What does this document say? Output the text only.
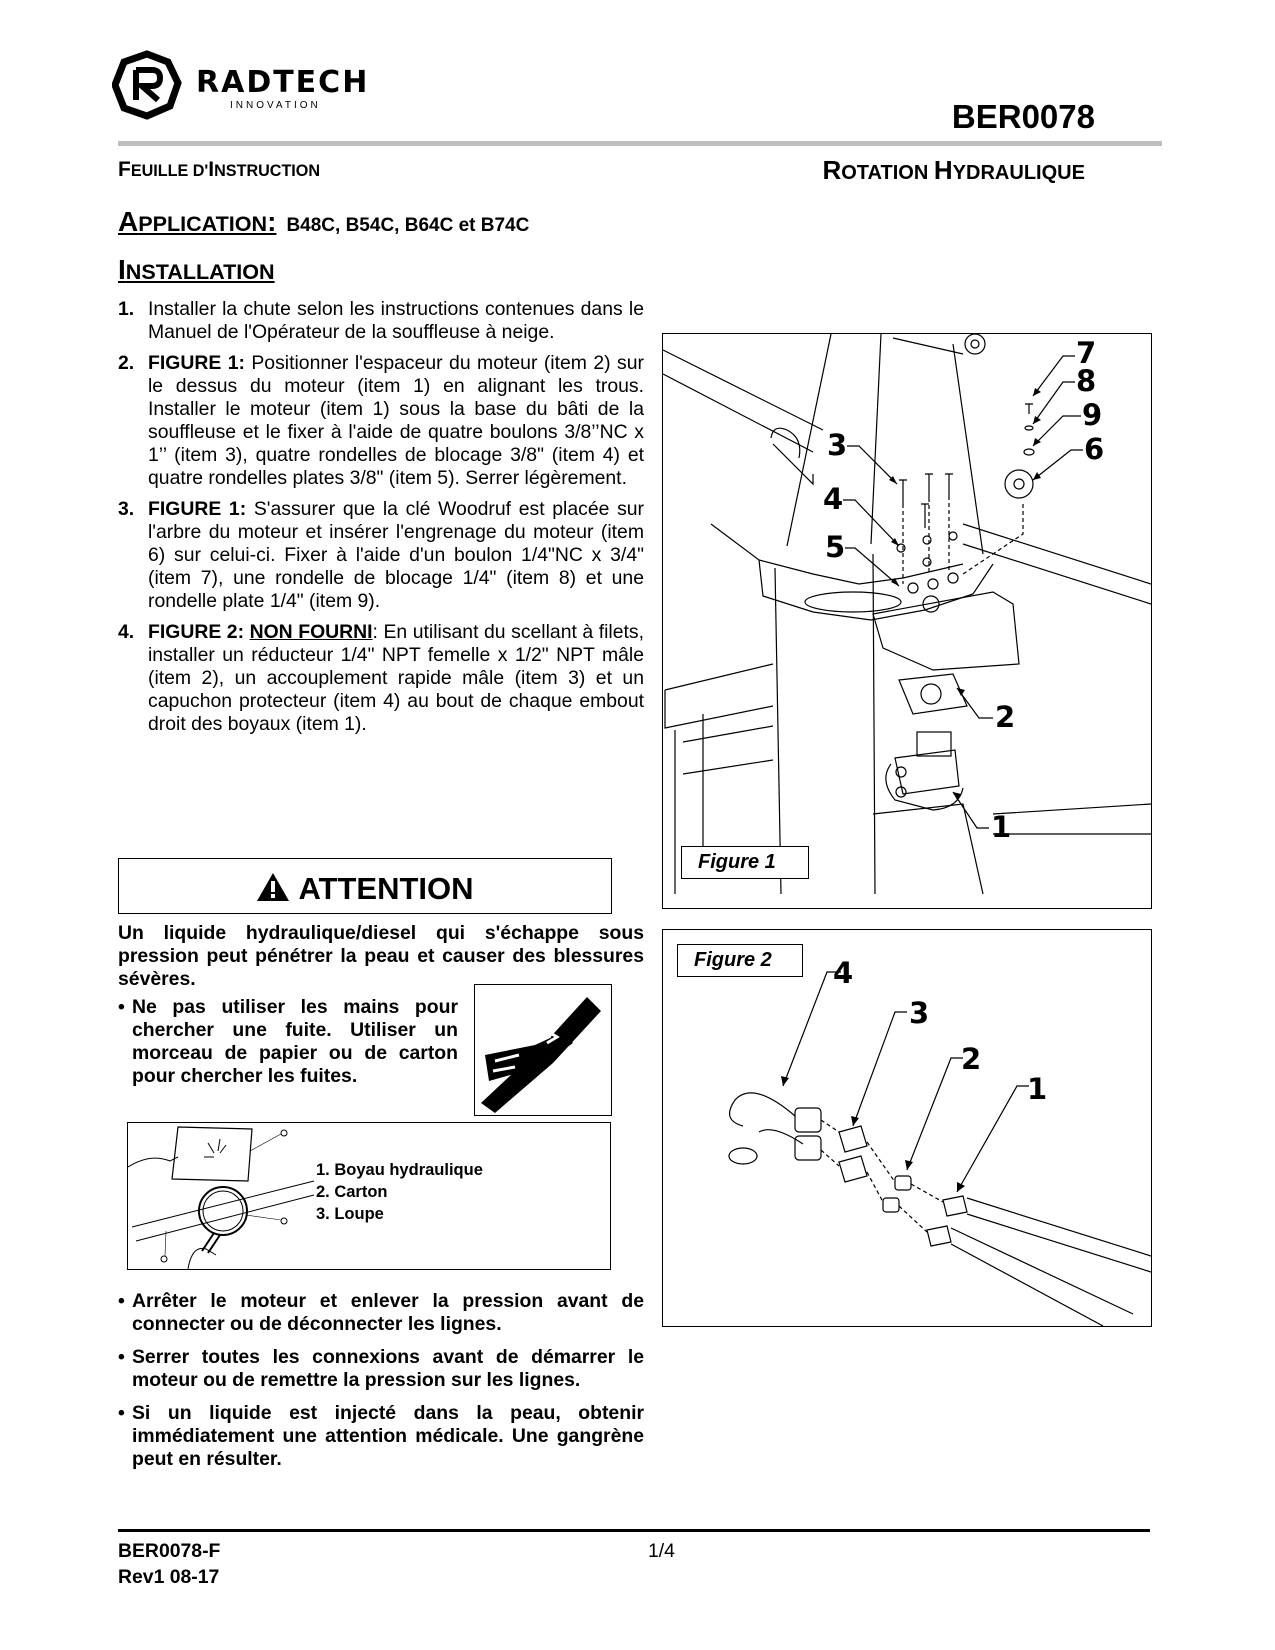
RADTECH
INNOVATION	BER0078
FEUILLE D'INSTRUCTION	ROTATION HYDRAULIQUE
APPLICATION: B48C, B54C, B64C et B74C
INSTALLATION
1. Installer la chute selon les instructions contenues dans le Manuel de l'Opérateur de la souffleuse à neige.
2. FIGURE 1: Positionner l'espaceur du moteur (item 2) sur le dessus du moteur (item 1) en alignant les trous. Installer le moteur (item 1) sous la base du bâti de la souffleuse et le fixer à l'aide de quatre boulons 3/8’’NC x 1’’ (item 3), quatre rondelles de blocage 3/8" (item 4) et quatre rondelles plates 3/8" (item 5). Serrer légèrement.
3. FIGURE 1: S'assurer que la clé Woodruf est placée sur l'arbre du moteur et insérer l'engrenage du moteur (item 6) sur celui-ci. Fixer à l'aide d'un boulon 1/4"NC x 3/4" (item 7), une rondelle de blocage 1/4" (item 8) et une rondelle plate 1/4" (item 9).
4. FIGURE 2: NON FOURNI: En utilisant du scellant à filets, installer un réducteur 1/4" NPT femelle x 1/2" NPT mâle (item 2), un accouplement rapide mâle (item 3) et un capuchon protecteur (item 4) au bout de chaque embout droit des boyaux (item 1).
ATTENTION
Un liquide hydraulique/diesel qui s'échappe sous pression peut pénétrer la peau et causer des blessures sévères.
• Ne pas utiliser les mains pour chercher une fuite. Utiliser un morceau de papier ou de carton pour chercher les fuites.
1. Boyau hydraulique
2. Carton
3. Loupe
• Arrêter le moteur et enlever la pression avant de connecter ou de déconnecter les lignes.
• Serrer toutes les connexions avant de démarrer le moteur ou de remettre la pression sur les lignes.
• Si un liquide est injecté dans la peau, obtenir immédiatement une attention médicale. Une gangrène peut en résulter.
7
8
9
6
3
4
5
2
1
Figure 1
Figure 2	4
3
2
1
BER0078-F
Rev1 08-17
1/4
